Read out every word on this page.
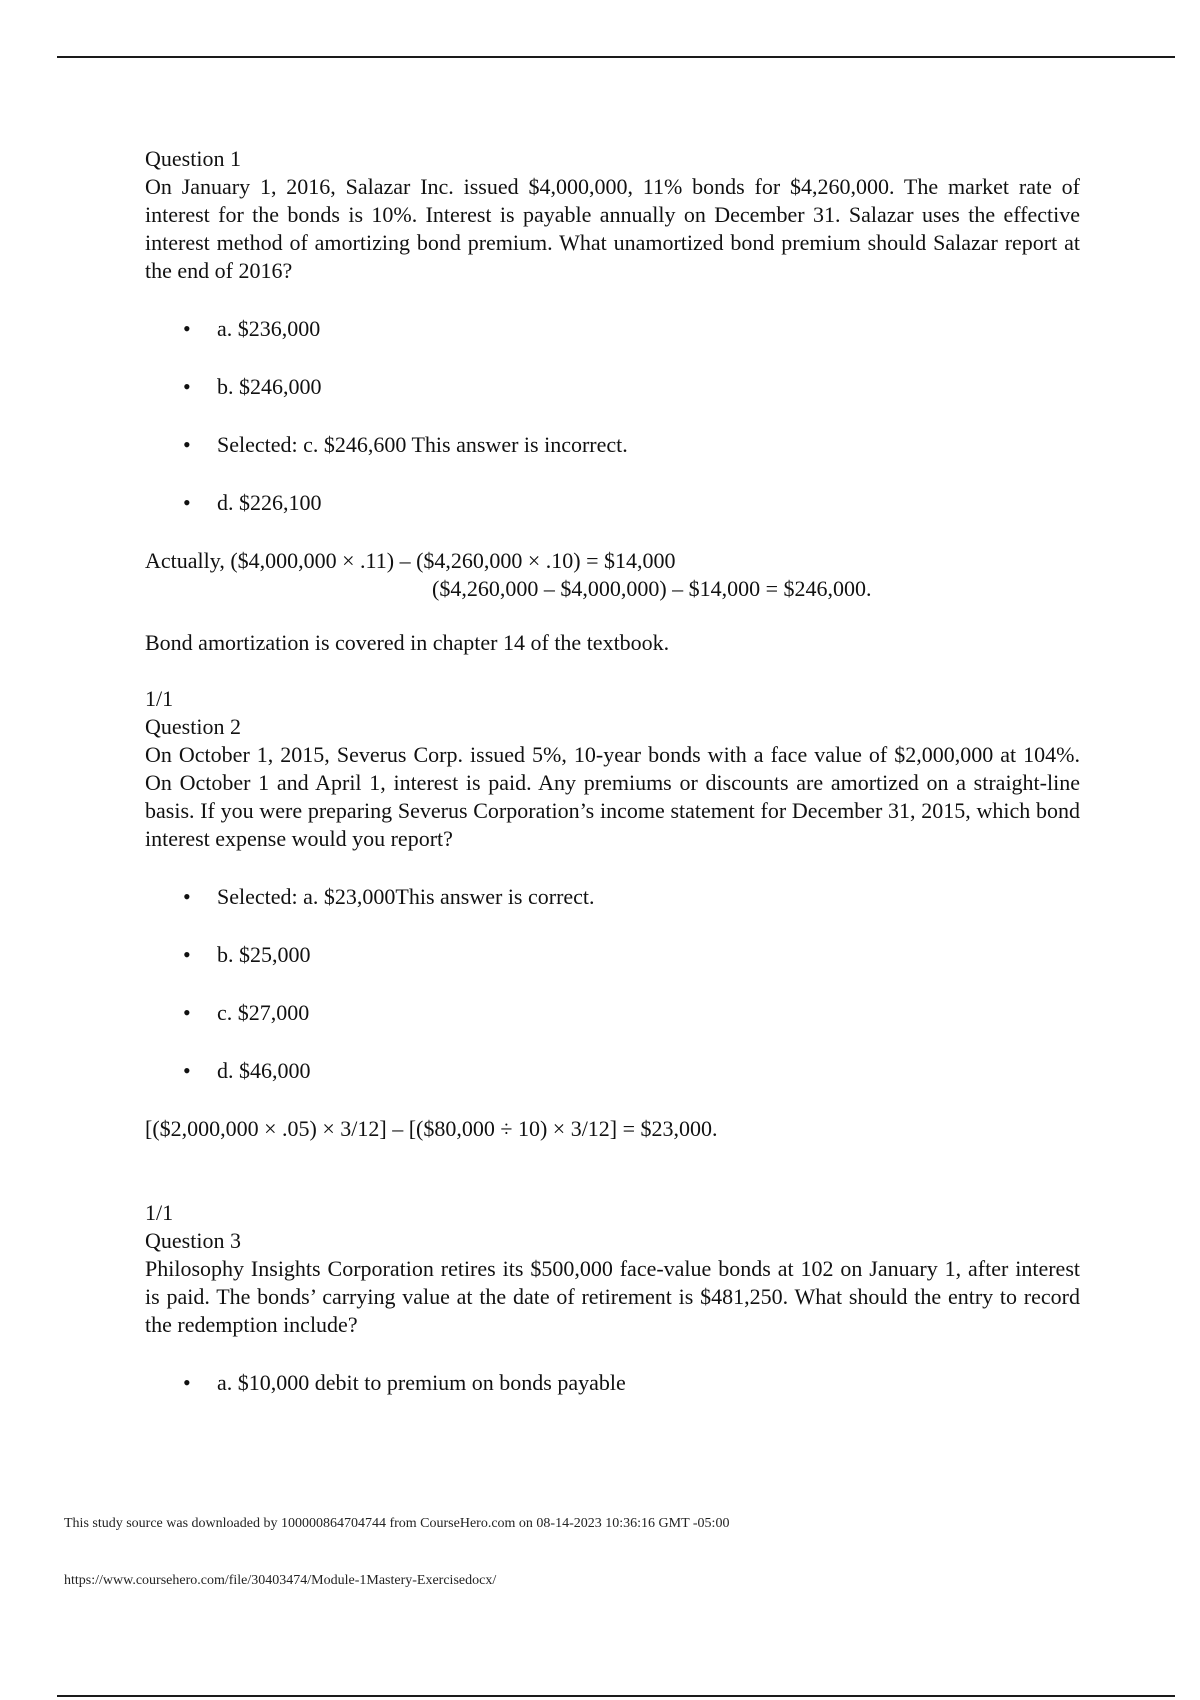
Question 1

On January 1, 2016, Salazar Inc. issued $4,000,000, 11% bonds for $4,260,000. The market rate of interest for the bonds is 10%. Interest is payable annually on December 31. Salazar uses the effective interest method of amortizing bond premium. What unamortized bond premium should Salazar report at the end of 2016?

• a. $236,000
• b. $246,000
• Selected: c. $246,600 This answer is incorrect.
• d. $226,100

Actually, ($4,000,000 × .11) – ($4,260,000 × .10) = $14,000
($4,260,000 – $4,000,000) – $14,000 = $246,000.

Bond amortization is covered in chapter 14 of the textbook.

1/1

Question 2

On October 1, 2015, Severus Corp. issued 5%, 10-year bonds with a face value of $2,000,000 at 104%. On October 1 and April 1, interest is paid. Any premiums or discounts are amortized on a straight-line basis. If you were preparing Severus Corporation’s income statement for December 31, 2015, which bond interest expense would you report?

• Selected: a. $23,000This answer is correct.
• b. $25,000
• c. $27,000
• d. $46,000

[($2,000,000 × .05) × 3/12] – [($80,000 ÷ 10) × 3/12] = $23,000.

1/1

Question 3

Philosophy Insights Corporation retires its $500,000 face-value bonds at 102 on January 1, after interest is paid. The bonds’ carrying value at the date of retirement is $481,250. What should the entry to record the redemption include?

• a. $10,000 debit to premium on bonds payable
This study source was downloaded by 100000864704744 from CourseHero.com on 08-14-2023 10:36:16 GMT -05:00
https://www.coursehero.com/file/30403474/Module-1Mastery-Exercisedocx/
